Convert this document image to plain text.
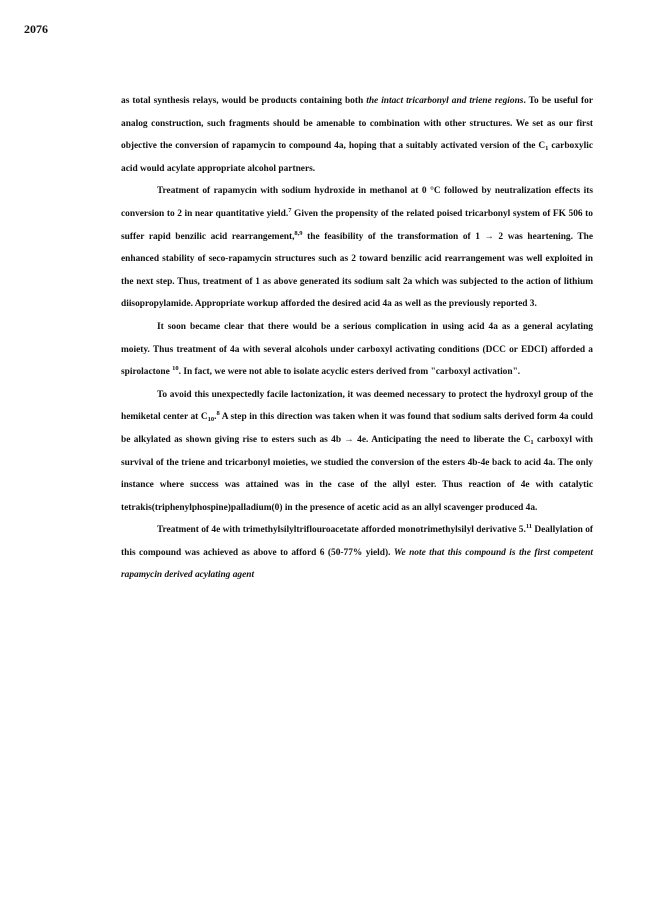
2076

as total synthesis relays, would be products containing both the intact tricarbonyl and triene regions. To be useful for analog construction, such fragments should be amenable to combination with other structures. We set as our first objective the conversion of rapamycin to compound 4a, hoping that a suitably activated version of the $C_1$ carboxylic acid would acylate appropriate alcohol partners.

Treatment of rapamycin with sodium hydroxide in methanol at 0 °C followed by neutralization effects its conversion to 2 in near quantitative yield.$^7$ Given the propensity of the related poised tricarbonyl system of FK 506 to suffer rapid benzilic acid rearrangement,$^{8,9}$ the feasibility of the transformation of 1 → 2 was heartening. The enhanced stability of seco-rapamycin structures such as 2 toward benzilic acid rearrangement was well exploited in the next step. Thus, treatment of 1 as above generated its sodium salt 2a which was subjected to the action of lithium diisopropylamide. Appropriate workup afforded the desired acid 4a as well as the previously reported 3.

It soon became clear that there would be a serious complication in using acid 4a as a general acylating moiety. Thus treatment of 4a with several alcohols under carboxyl activating conditions (DCC or EDCI) afforded a spirolactone $^{10}$. In fact, we were not able to isolate acyclic esters derived from "carboxyl activation".

To avoid this unexpectedly facile lactonization, it was deemed necessary to protect the hydroxyl group of the hemiketal center at $C_{10}.^8$ A step in this direction was taken when it was found that sodium salts derived form 4a could be alkylated as shown giving rise to esters such as 4b → 4e. Anticipating the need to liberate the $C_1$ carboxyl with survival of the triene and tricarbonyl moieties, we studied the conversion of the esters 4b-4e back to acid 4a. The only instance where success was attained was in the case of the allyl ester. Thus reaction of 4e with catalytic tetrakis(triphenylphospine)palladium(0) in the presence of acetic acid as an allyl scavenger produced 4a.

Treatment of 4e with trimethylsilyltriflouroacetate afforded monotrimethylsilyl derivative 5.11 Deallylation of this compound was achieved as above to afford 6 (50-77% yield). We note that this compound is the first competent rapamycin derived acylating agent
